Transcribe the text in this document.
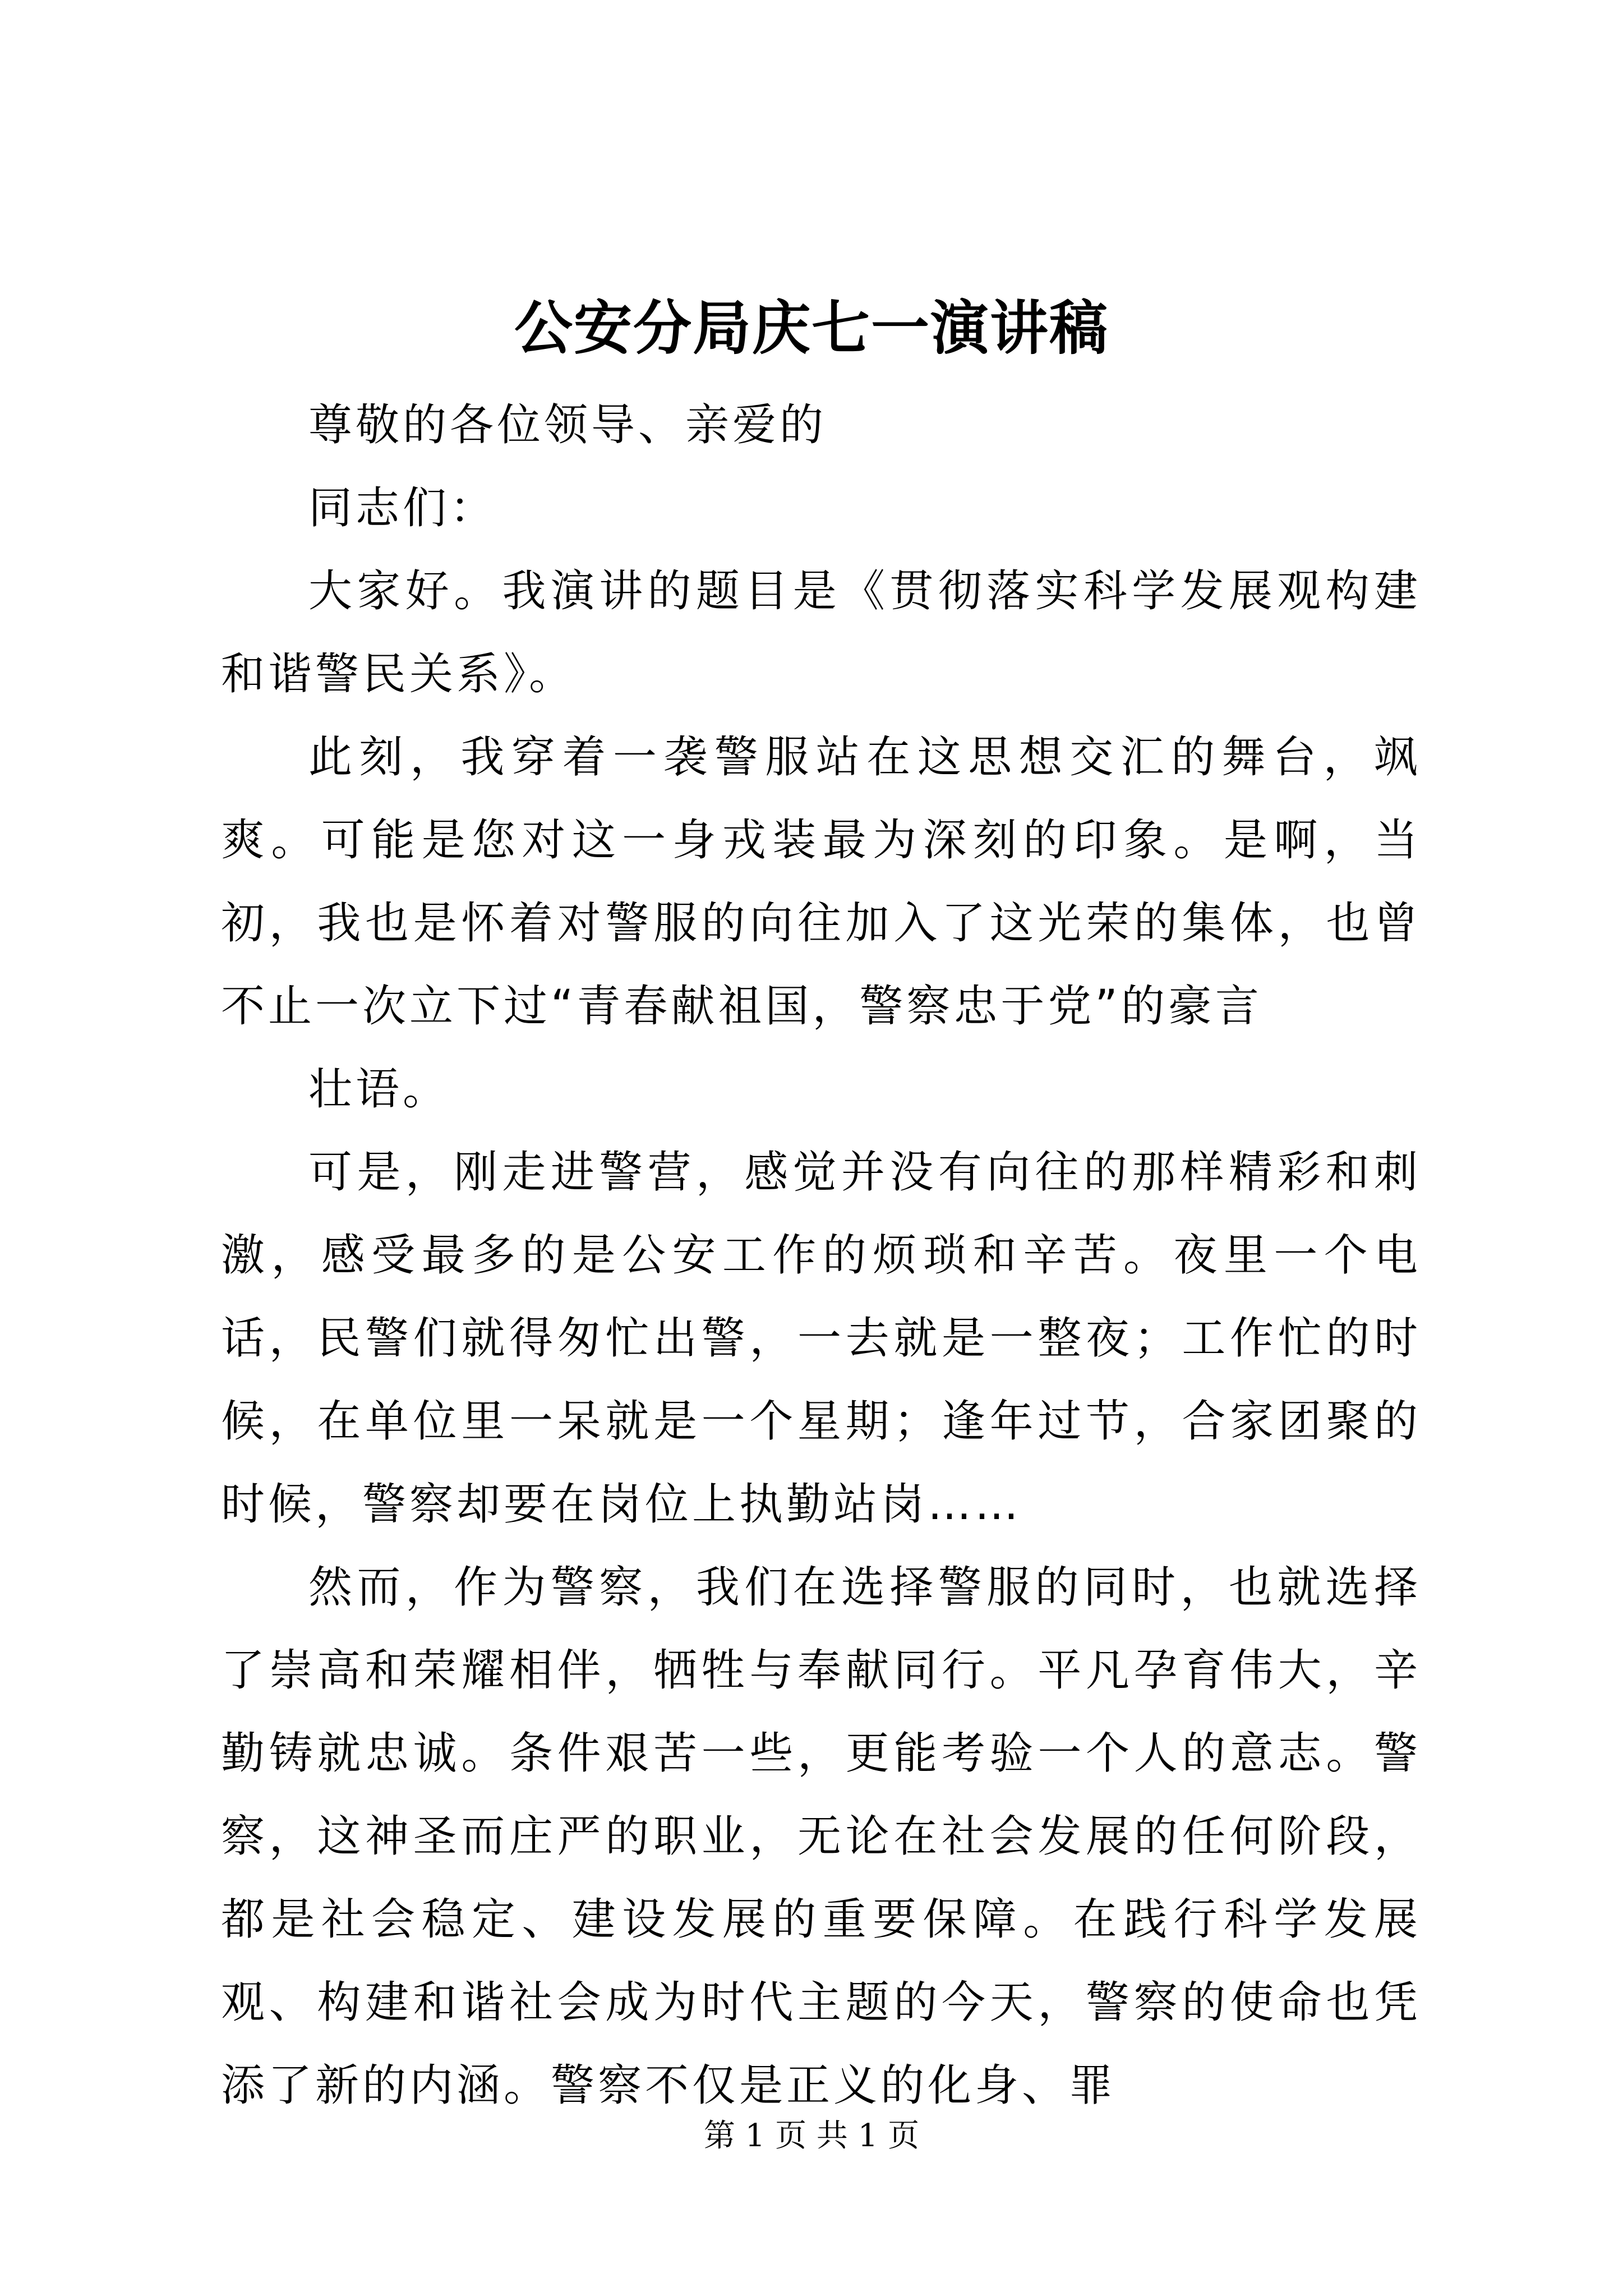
公安分局庆七一演讲稿

尊敬的各位领导、亲爱的

同志们：

大家好。我演讲的题目是《贯彻落实科学发展观构建和谐警民关系》。

此刻，我穿着一袭警服站在这思想交汇的舞台，飒爽。可能是您对这一身戎装最为深刻的印象。是啊，当初，我也是怀着对警服的向往加入了这光荣的集体，也曾不止一次立下过“青春献祖国，警察忠于党”的豪言

壮语。

可是，刚走进警营，感觉并没有向往的那样精彩和刺激，感受最多的是公安工作的烦琐和辛苦。夜里一个电话，民警们就得匆忙出警，一去就是一整夜；工作忙的时候，在单位里一呆就是一个星期；逢年过节，合家团聚的时候，警察却要在岗位上执勤站岗……

然而，作为警察，我们在选择警服的同时，也就选择了崇高和荣耀相伴，牺牲与奉献同行。平凡孕育伟大，辛勤铸就忠诚。条件艰苦一些，更能考验一个人的意志。警察，这神圣而庄严的职业，无论在社会发展的任何阶段，都是社会稳定、建设发展的重要保障。在践行科学发展观、构建和谐社会成为时代主题的今天，警察的使命也凭添了新的内涵。警察不仅是正义的化身、罪

第 1 页 共 1 页
